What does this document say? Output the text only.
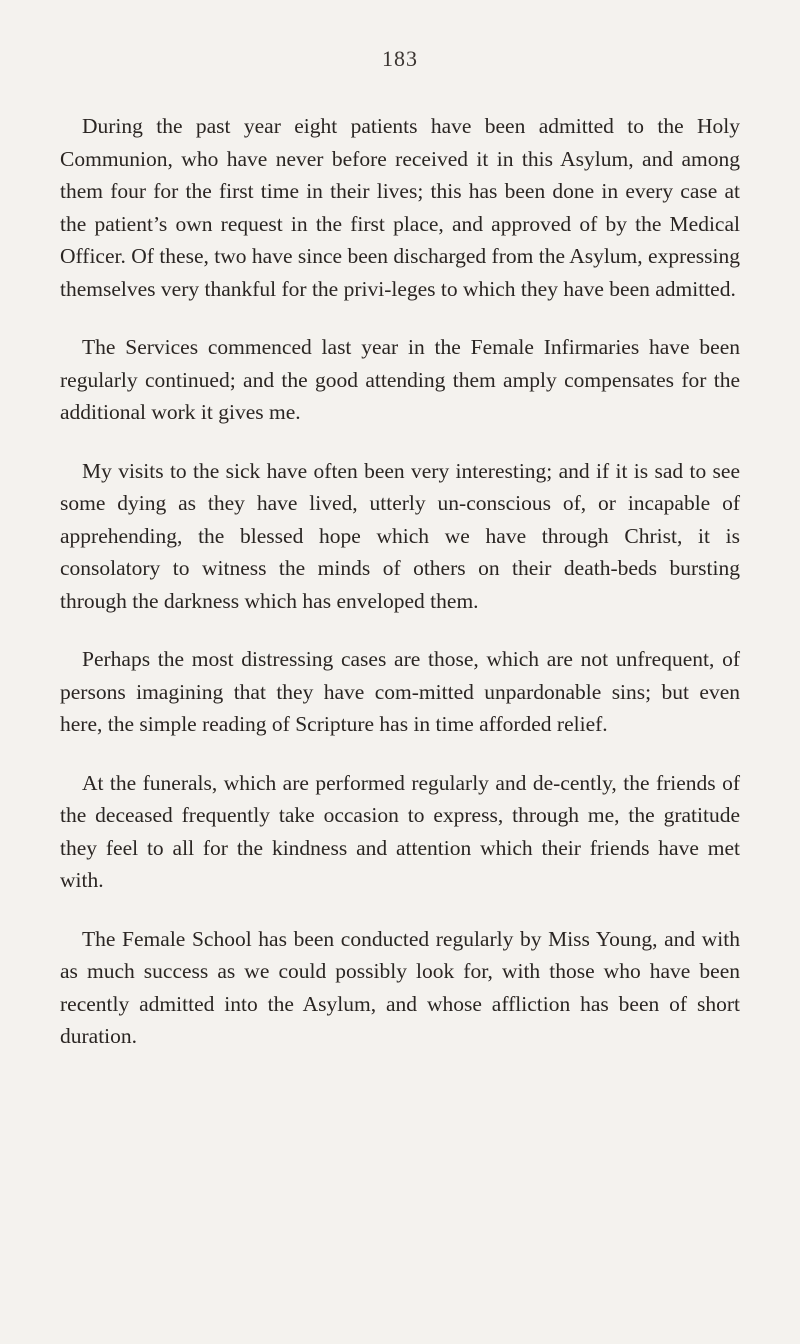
183

During the past year eight patients have been admitted to the Holy Communion, who have never before received it in this Asylum, and among them four for the first time in their lives; this has been done in every case at the patient’s own request in the first place, and approved of by the Medical Officer. Of these, two have since been discharged from the Asylum, expressing themselves very thankful for the privi-leges to which they have been admitted.

The Services commenced last year in the Female Infirmaries have been regularly continued; and the good attending them amply compensates for the additional work it gives me.

My visits to the sick have often been very interesting; and if it is sad to see some dying as they have lived, utterly un-conscious of, or incapable of apprehending, the blessed hope which we have through Christ, it is consolatory to witness the minds of others on their death-beds bursting through the darkness which has enveloped them.

Perhaps the most distressing cases are those, which are not unfrequent, of persons imagining that they have com-mitted unpardonable sins; but even here, the simple reading of Scripture has in time afforded relief.

At the funerals, which are performed regularly and de-cently, the friends of the deceased frequently take occasion to express, through me, the gratitude they feel to all for the kindness and attention which their friends have met with.

The Female School has been conducted regularly by Miss Young, and with as much success as we could possibly look for, with those who have been recently admitted into the Asylum, and whose affliction has been of short duration.
